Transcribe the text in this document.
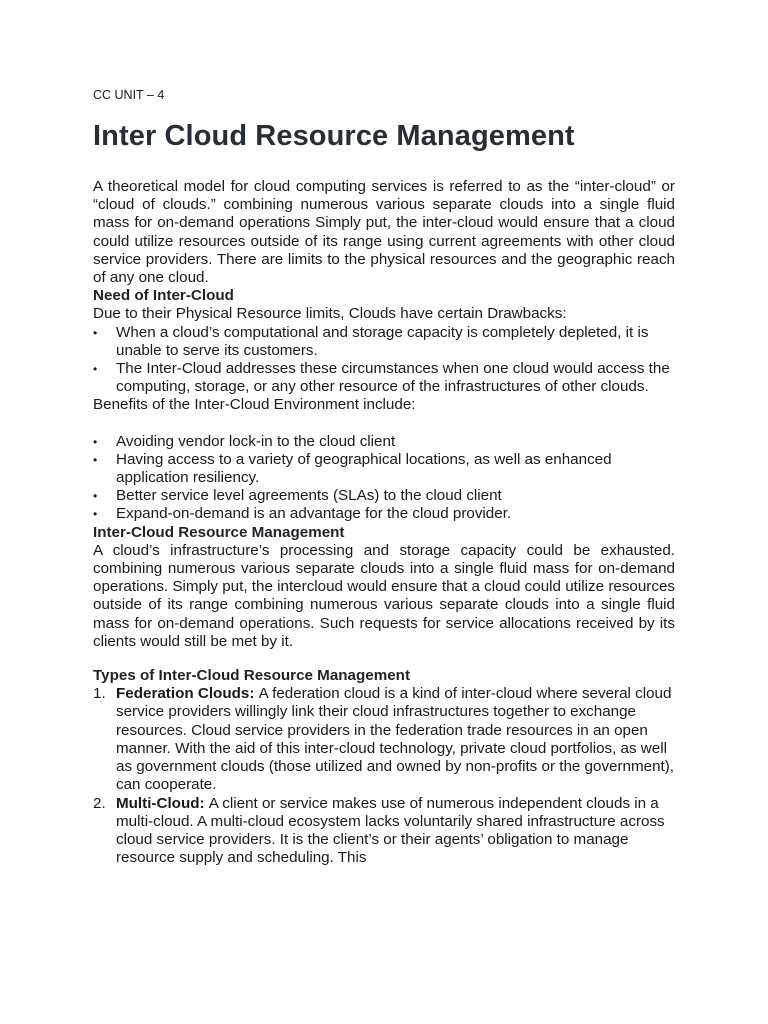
CC UNIT – 4

Inter Cloud Resource Management

A theoretical model for cloud computing services is referred to as the “inter-cloud” or “cloud of clouds.” combining numerous various separate clouds into a single fluid mass for on-demand operations Simply put, the inter-cloud would ensure that a cloud could utilize resources outside of its range using current agreements with other cloud service providers. There are limits to the physical resources and the geographic reach of any one cloud.

Need of Inter-Cloud

Due to their Physical Resource limits, Clouds have certain Drawbacks:

• When a cloud’s computational and storage capacity is completely depleted, it is unable to serve its customers.
• The Inter-Cloud addresses these circumstances when one cloud would access the computing, storage, or any other resource of the infrastructures of other clouds.

Benefits of the Inter-Cloud Environment include:

• Avoiding vendor lock-in to the cloud client
• Having access to a variety of geographical locations, as well as enhanced application resiliency.
• Better service level agreements (SLAs) to the cloud client
• Expand-on-demand is an advantage for the cloud provider.

Inter-Cloud Resource Management

A cloud’s infrastructure’s processing and storage capacity could be exhausted. combining numerous various separate clouds into a single fluid mass for on-demand operations. Simply put, the intercloud would ensure that a cloud could utilize resources outside of its range combining numerous various separate clouds into a single fluid mass for on-demand operations. Such requests for service allocations received by its clients would still be met by it.

Types of Inter-Cloud Resource Management

1. Federation Clouds: A federation cloud is a kind of inter-cloud where several cloud service providers willingly link their cloud infrastructures together to exchange resources. Cloud service providers in the federation trade resources in an open manner. With the aid of this inter-cloud technology, private cloud portfolios, as well as government clouds (those utilized and owned by non-profits or the government), can cooperate.
2. Multi-Cloud: A client or service makes use of numerous independent clouds in a multi-cloud. A multi-cloud ecosystem lacks voluntarily shared infrastructure across cloud service providers. It is the client’s or their agents’ obligation to manage resource supply and scheduling. This
